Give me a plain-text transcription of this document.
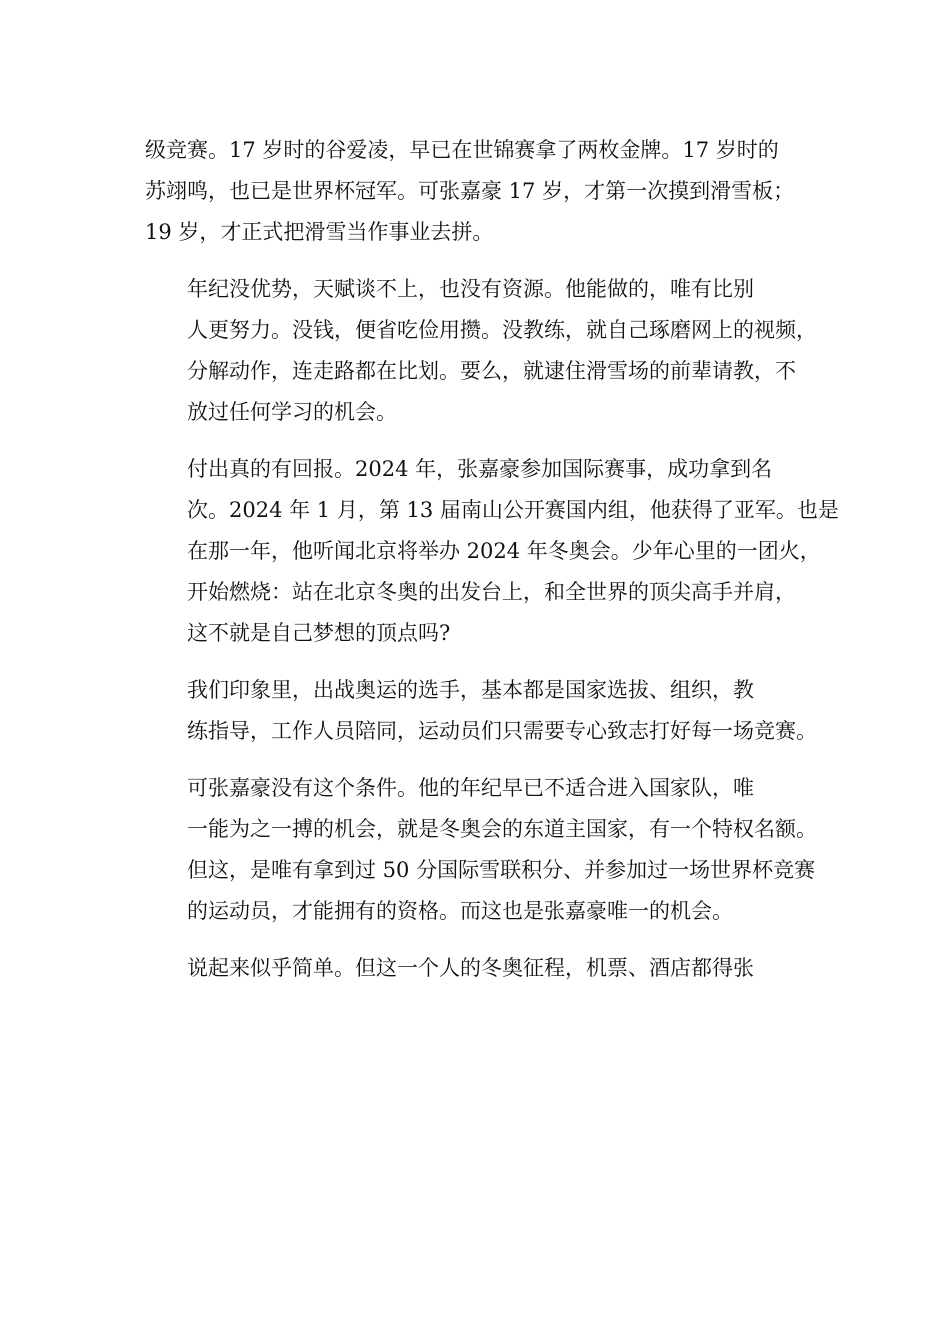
级竞赛。17 岁时的谷爱凌，早已在世锦赛拿了两枚金牌。17 岁时的
苏翊鸣，也已是世界杯冠军。可张嘉豪 17 岁，才第一次摸到滑雪板；
19 岁，才正式把滑雪当作事业去拼。

年纪没优势，天赋谈不上，也没有资源。他能做的，唯有比别
人更努力。没钱，便省吃俭用攒。没教练，就自己琢磨网上的视频，
分解动作，连走路都在比划。要么，就逮住滑雪场的前辈请教，不
放过任何学习的机会。

付出真的有回报。2024 年，张嘉豪参加国际赛事，成功拿到名
次。2024 年 1 月，第 13 届南山公开赛国内组，他获得了亚军。也是
在那一年，他听闻北京将举办 2024 年冬奥会。少年心里的一团火，
开始燃烧：站在北京冬奥的出发台上，和全世界的顶尖高手并肩，
这不就是自己梦想的顶点吗?

我们印象里，出战奥运的选手，基本都是国家选拔、组织，教
练指导，工作人员陪同，运动员们只需要专心致志打好每一场竞赛。

可张嘉豪没有这个条件。他的年纪早已不适合进入国家队，唯
一能为之一搏的机会，就是冬奥会的东道主国家，有一个特权名额。
但这，是唯有拿到过 50 分国际雪联积分、并参加过一场世界杯竞赛
的运动员，才能拥有的资格。而这也是张嘉豪唯一的机会。

说起来似乎简单。但这一个人的冬奥征程，机票、酒店都得张
